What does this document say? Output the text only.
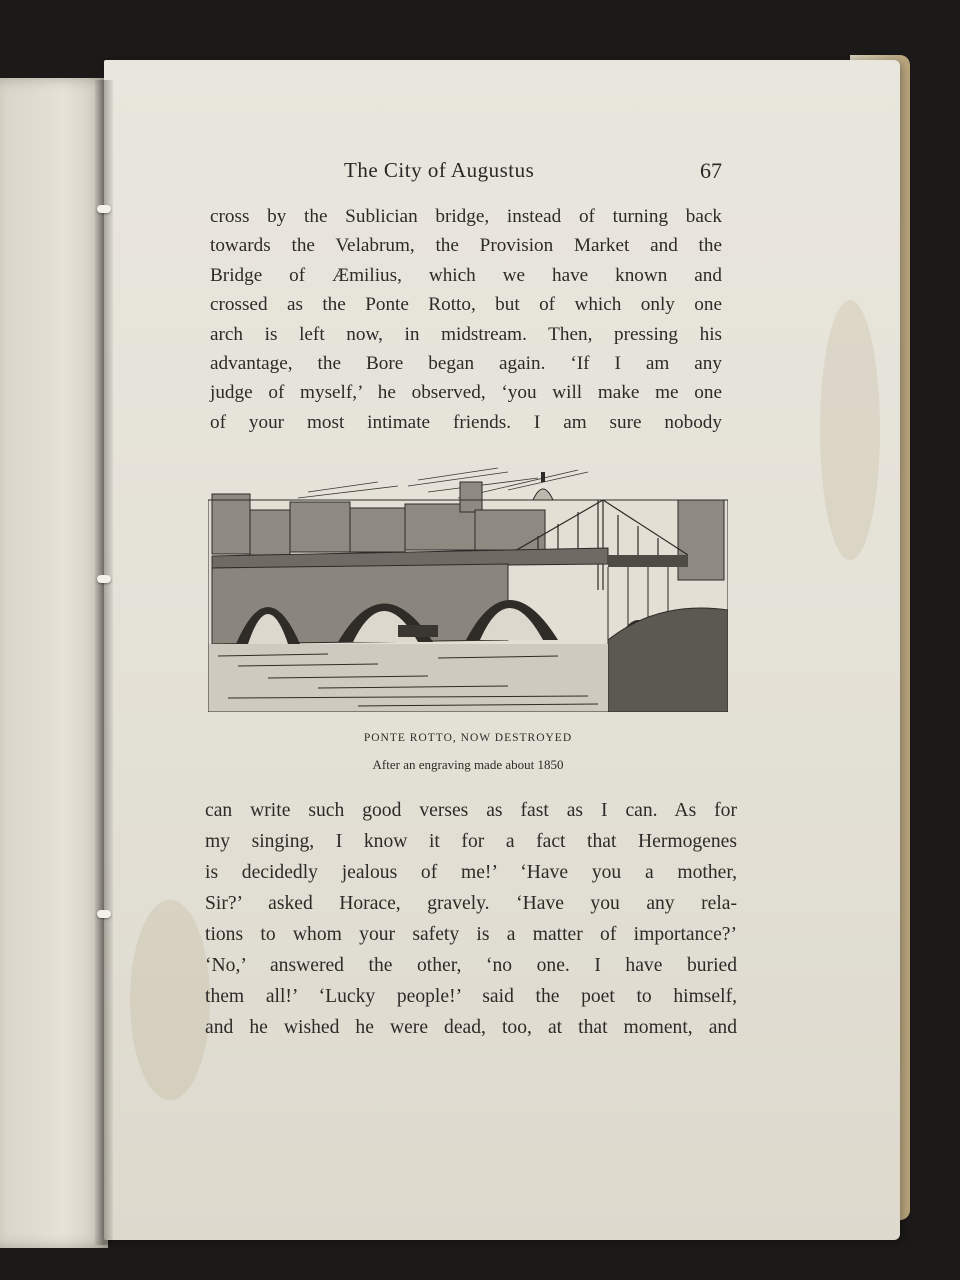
The City of Augustus	67
cross by the Sublician bridge, instead of turning back
towards the Velabrum, the Provision Market and the
Bridge of Æmilius, which we have known and
crossed as the Ponte Rotto, but of which only one
arch is left now, in midstream. Then, pressing his
advantage, the Bore began again. ‘If I am any
judge of myself,’ he observed, ‘you will make me one
of your most intimate friends. I am sure nobody
PONTE ROTTO, NOW DESTROYED
After an engraving made about 1850
can write such good verses as fast as I can. As for
my singing, I know it for a fact that Hermogenes
is decidedly jealous of me!’ ‘Have you a mother,
Sir?’ asked Horace, gravely. ‘Have you any rela-
tions to whom your safety is a matter of importance?’
‘No,’ answered the other, ‘no one. I have buried
them all!’ ‘Lucky people!’ said the poet to himself,
and he wished he were dead, too, at that moment, and
